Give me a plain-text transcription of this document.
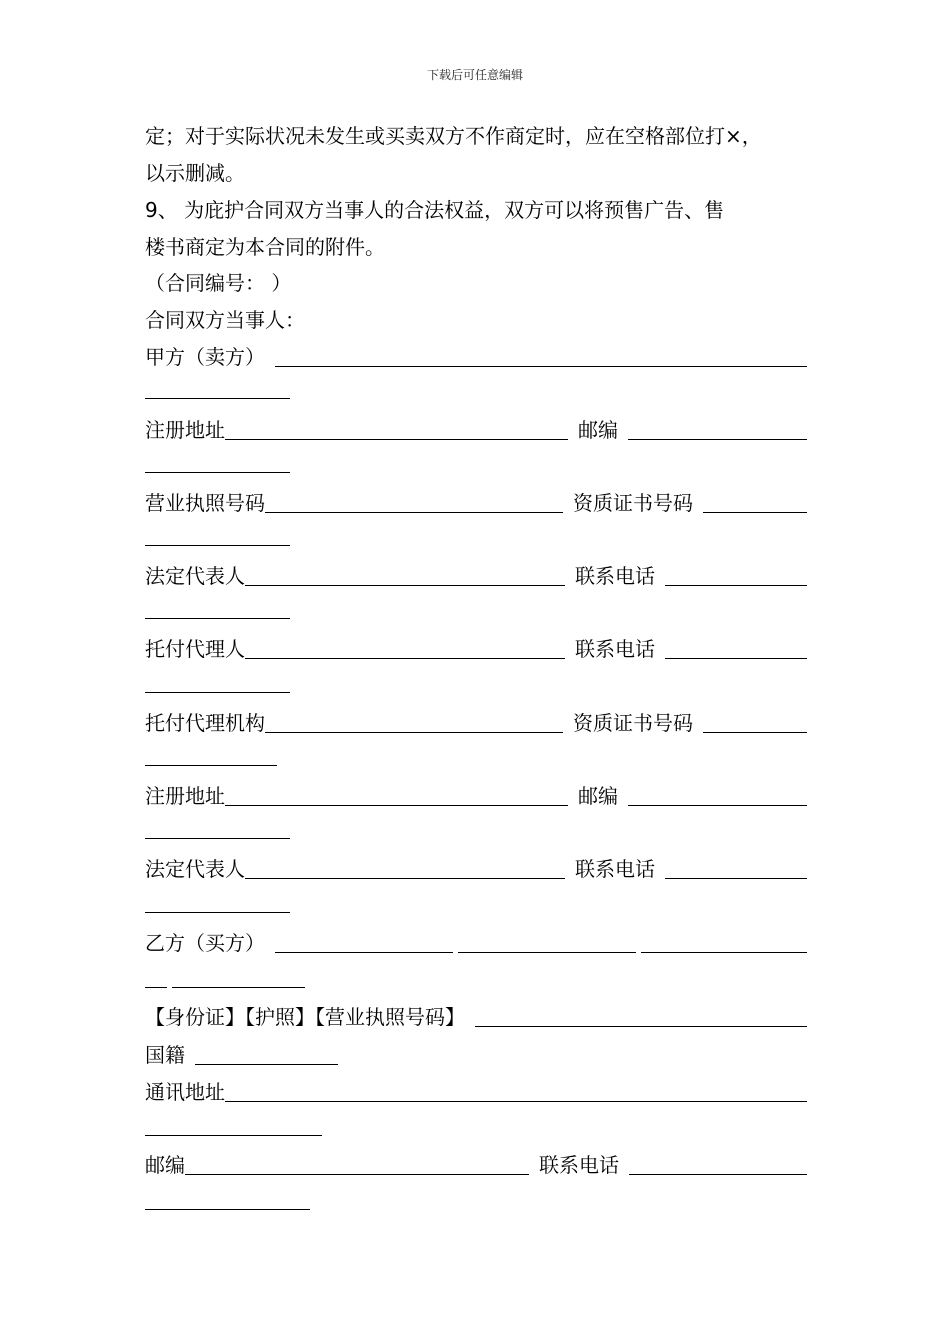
下载后可任意编辑
定；对于实际状况未发生或买卖双方不作商定时，应在空格部位打×，
以示删减。
9、 为庇护合同双方当事人的合法权益，双方可以将预售广告、售
楼书商定为本合同的附件。
（合同编号： ）
合同双方当事人：
甲方（卖方）
注册地址	邮编
营业执照号码	资质证书号码
法定代表人	联系电话
托付代理人	联系电话
托付代理机构	资质证书号码
注册地址	邮编
法定代表人	联系电话
乙方（买方）
【身份证】【护照】【营业执照号码】
国籍
通讯地址
邮编	联系电话
